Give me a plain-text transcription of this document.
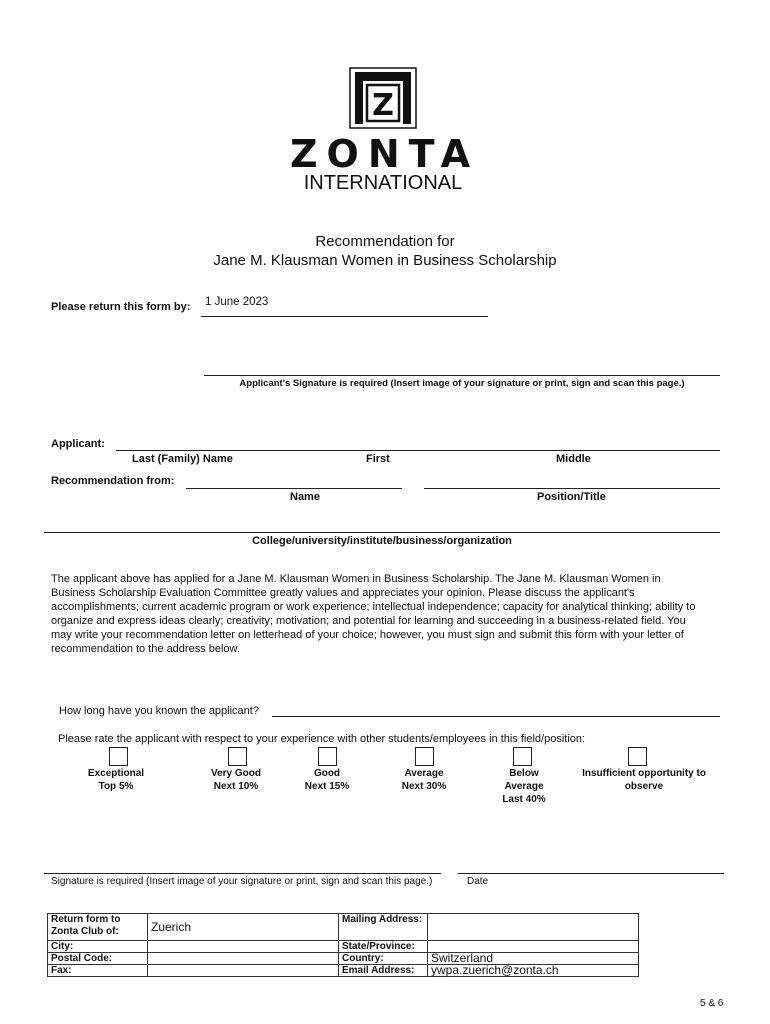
Z
ZONTA
INTERNATIONAL
Recommendation for
Jane M. Klausman Women in Business Scholarship
Please return this form by: 1 June 2023
Applicant's Signature is required (Insert image of your signature or print, sign and scan this page.)
Applicant:
Last (Family) Name	First	Middle
Recommendation from:
Name	Position/Title
College/university/institute/business/organization
The applicant above has applied for a Jane M. Klausman Women in Business Scholarship. The Jane M. Klausman Women in Business Scholarship Evaluation Committee greatly values and appreciates your opinion. Please discuss the applicant's accomplishments; current academic program or work experience; intellectual independence; capacity for analytical thinking; ability to organize and express ideas clearly; creativity; motivation; and potential for learning and succeeding in a business-related field. You may write your recommendation letter on letterhead of your choice; however, you must sign and submit this form with your letter of recommendation to the address below.
How long have you known the applicant?
Please rate the applicant with respect to your experience with other students/employees in this field/position:
Exceptional
Top 5%
Very Good
Next 10%
Good
Next 15%
Average
Next 30%
Below
Average
Last 40%
Insufficient opportunity to
observe
Signature is required (Insert image of your signature or print, sign and scan this page.)	Date
Return form to
Zonta Club of:	Zuerich	Mailing Address:	
City:		State/Province:	
Postal Code:		Country:	Switzerland
Fax:		Email Address:	ywpa.zuerich@zonta.ch
5 & 6
